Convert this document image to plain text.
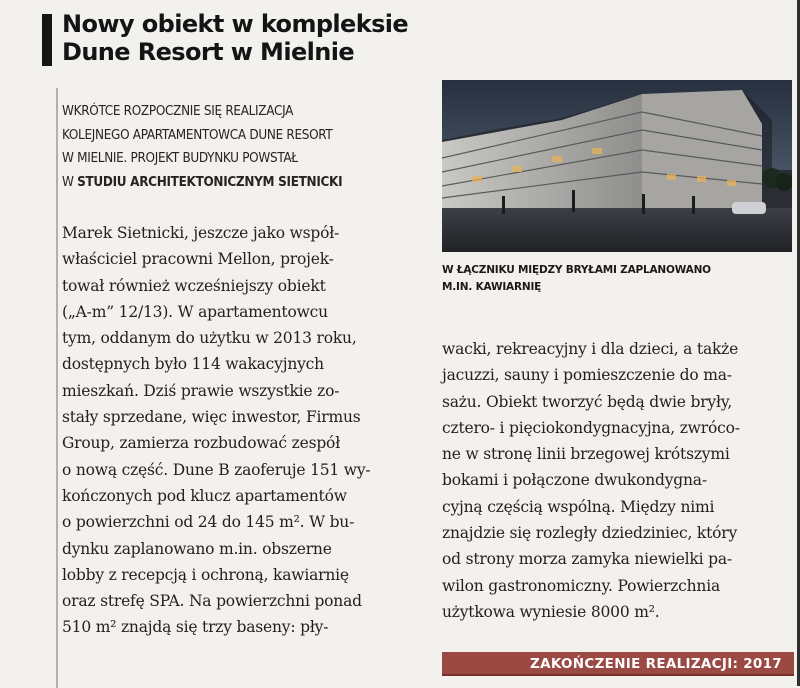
Nowy obiekt w kompleksie
Dune Resort w Mielnie
WKRÓTCE ROZPOCZNIE SIĘ REALIZACJA
KOLEJNEGO APARTAMENTOWCA DUNE RESORT
W MIELNIE. PROJEKT BUDYNKU POWSTAŁ
W STUDIU ARCHITEKTONICZNYM SIETNICKI
Marek Sietnicki, jeszcze jako współ-
właściciel pracowni Mellon, projek-
tował również wcześniejszy obiekt
(„A-m” 12/13). W apartamentowcu
tym, oddanym do użytku w 2013 roku,
dostępnych było 114 wakacyjnych
mieszkań. Dziś prawie wszystkie zo-
stały sprzedane, więc inwestor, Firmus
Group, zamierza rozbudować zespół
o nową część. Dune B zaoferuje 151 wy-
kończonych pod klucz apartamentów
o powierzchni od 24 do 145 m². W bu-
dynku zaplanowano m.in. obszerne
lobby z recepcją i ochroną, kawiarnię
oraz strefę SPA. Na powierzchni ponad
510 m² znajdą się trzy baseny: pły-
W ŁĄCZNIKU MIĘDZY BRYŁAMI ZAPLANOWANO
M.IN. KAWIARNIĘ
wacki, rekreacyjny i dla dzieci, a także
jacuzzi, sauny i pomieszczenie do ma-
sażu. Obiekt tworzyć będą dwie bryły,
cztero- i pięciokondygnacyjna, zwróco-
ne w stronę linii brzegowej krótszymi
bokami i połączone dwukondygna-
cyjną częścią wspólną. Między nimi
znajdzie się rozległy dziedziniec, który
od strony morza zamyka niewielki pa-
wilon gastronomiczny. Powierzchnia
użytkowa wyniesie 8000 m².
ZAKOŃCZENIE REALIZACJI: 2017
